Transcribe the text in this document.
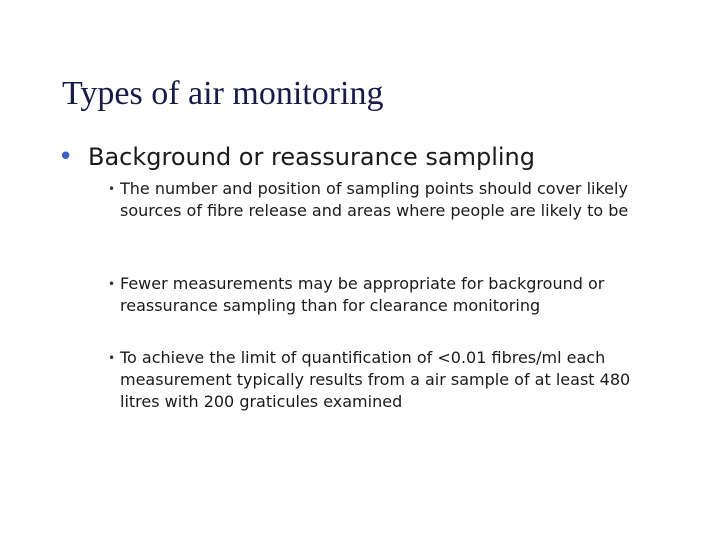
Types of air monitoring
• Background or reassurance sampling
• The number and position of sampling points should cover likely sources of fibre release and areas where people are likely to be
• Fewer measurements may be appropriate for background or reassurance sampling than for clearance monitoring
• To achieve the limit of quantification of <0.01 fibres/ml each measurement typically results from a air sample of at least 480 litres with 200 graticules examined
